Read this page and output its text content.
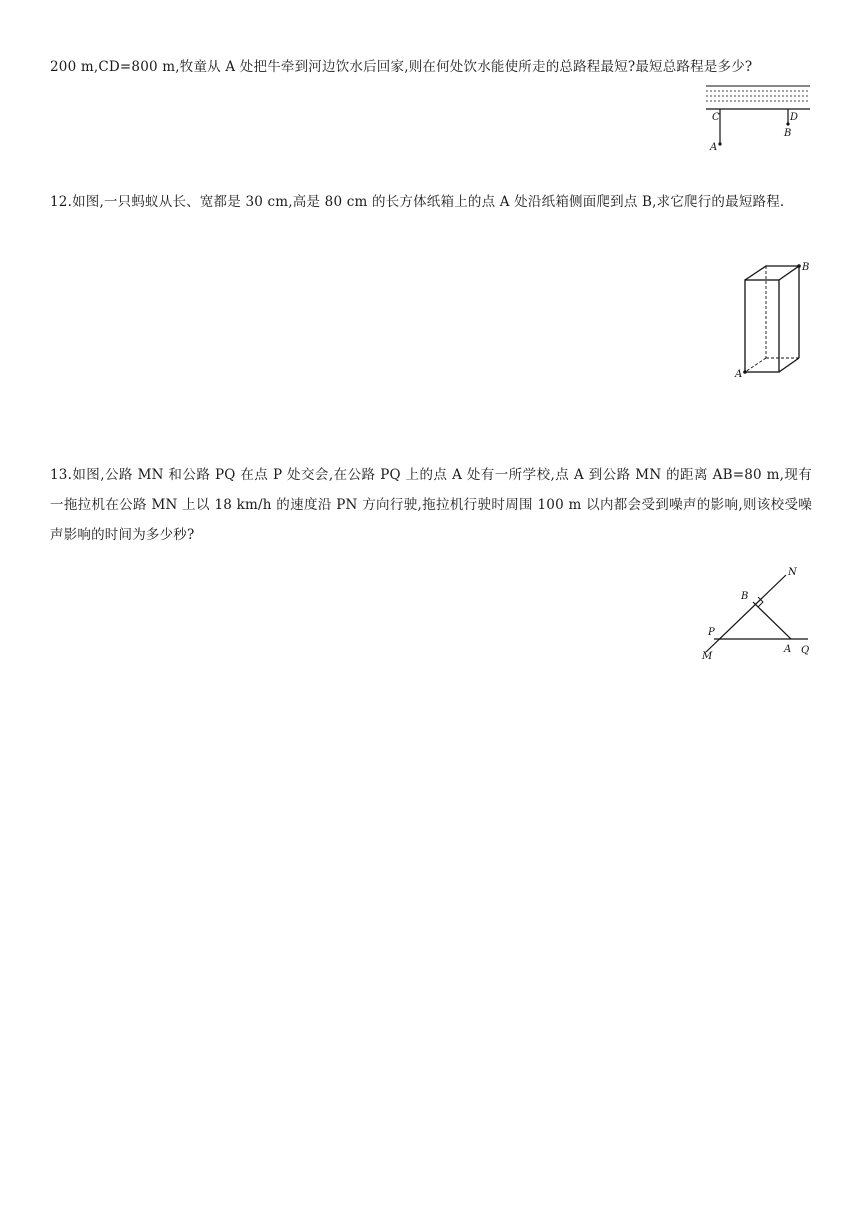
200 m,CD=800 m,牧童从 A 处把牛牵到河边饮水后回家,则在何处饮水能使所走的总路程最短?最短总路程是多少?
C	D
A
B
12.如图,一只蚂蚁从长、宽都是 30 cm,高是 80 cm 的长方体纸箱上的点 A 处沿纸箱侧面爬到点 B,求它爬行的最短路程.
A
B
13.如图,公路 MN 和公路 PQ 在点 P 处交会,在公路 PQ 上的点 A 处有一所学校,点 A 到公路 MN 的距离 AB=80 m,现有一拖拉机在公路 MN 上以 18 km/h 的速度沿 PN 方向行驶,拖拉机行驶时周围 100 m 以内都会受到噪声的影响,则该校受噪声影响的时间为多少秒?
N
B
P
M
A Q
